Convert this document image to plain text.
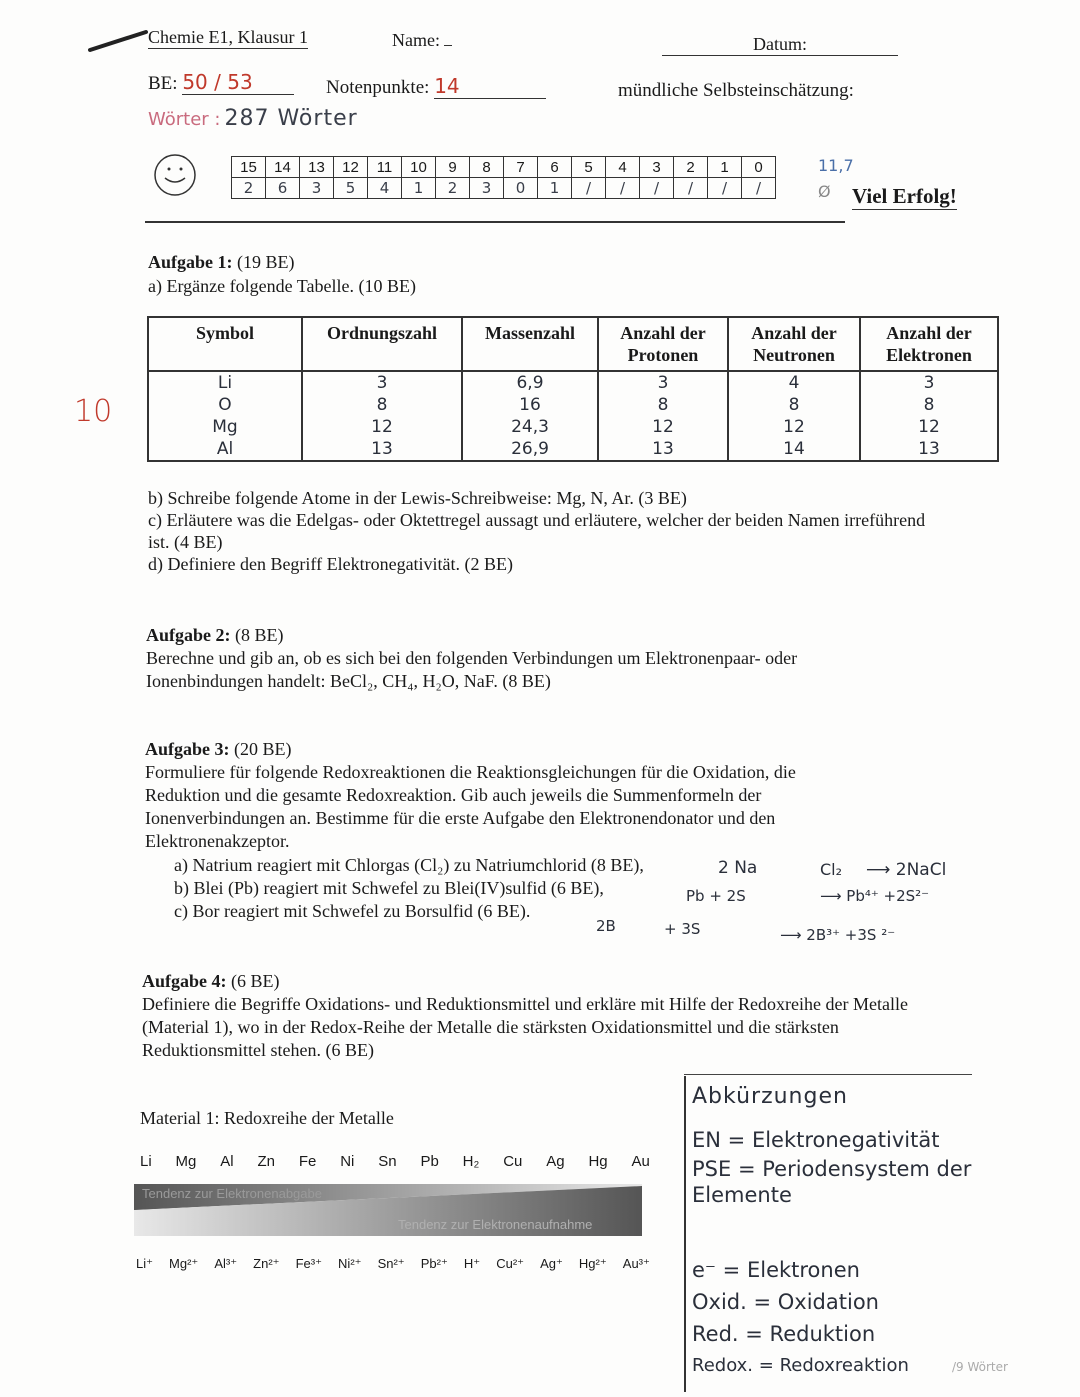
Chemie E1, Klausur 1	Name:	Datum:
BE: 50 / 53	Notenpunkte: 14	mündliche Selbsteinschätzung:
Wörter : 287 Wörter
15	14	13	12	11	10	9	8	7	6	5	4	3	2	1	0
2	6	3	5	4	1	2	3	0	1	/	/	/	/	/	/
11,7
Ø Viel Erfolg!

Aufgabe 1: (19 BE)

a) Ergänze folgende Tabelle. (10 BE)

10
Symbol	Ordnungszahl	Massenzahl	Anzahl der Protonen	Anzahl der Neutronen	Anzahl der Elektronen
Li	3	6,9	3	4	3
O	8	16	8	8	8
Mg	12	24,3	12	12	12
Al	13	26,9	13	14	13

b) Schreibe folgende Atome in der Lewis-Schreibweise: Mg, N, Ar. (3 BE)

c) Erläutere was die Edelgas- oder Oktettregel aussagt und erläutere, welcher der beiden Namen irreführend ist. (4 BE)

d) Definiere den Begriff Elektronegativität. (2 BE)

Aufgabe 2: (8 BE)

Berechne und gib an, ob es sich bei den folgenden Verbindungen um Elektronenpaar- oder Ionenbindungen handelt: BeCl₂, CH₄, H₂O, NaF. (8 BE)

Aufgabe 3: (20 BE)

Formuliere für folgende Redoxreaktionen die Reaktionsgleichungen für die Oxidation, die Reduktion und die gesamte Redoxreaktion. Gib auch jeweils die Summenformeln der Ionenverbindungen an. Bestimme für die erste Aufgabe den Elektronendonator und den Elektronenakzeptor.

a) Natrium reagiert mit Chlorgas (Cl₂) zu Natriumchlorid (8 BE),

b) Blei (Pb) reagiert mit Schwefel zu Blei(IV)sulfid (6 BE),

c) Bor reagiert mit Schwefel zu Borsulfid (6 BE).

2 Na	Cl₂ ⟶ 2NaCl
Pb + 2S	⟶ Pb⁴⁺ +2S²⁻
2B	+ 3S	⟶ 2B³⁺ +3S ²⁻

Aufgabe 4: (6 BE)

Definiere die Begriffe Oxidations- und Reduktionsmittel und erkläre mit Hilfe der Redoxreihe der Metalle (Material 1), wo in der Redox-Reihe der Metalle die stärksten Oxidationsmittel und die stärksten Reduktionsmittel stehen. (6 BE)

Material 1: Redoxreihe der Metalle
Li Mg Al Zn Fe Ni Sn Pb H₂ Cu Ag Hg Au
Tendenz zur Elektronenabgabe
Tendenz zur Elektronenaufnahme
Li⁺ Mg²⁺ Al³⁺ Zn²⁺ Fe³⁺ Ni²⁺ Sn²⁺ Pb²⁺ H⁺ Cu²⁺ Ag⁺ Hg²⁺ Au³⁺
Abkürzungen
EN = Elektronegativität
PSE = Periodensystem der Elemente
e⁻ = Elektronen
Oxid. = Oxidation
Red. = Reduktion
Redox. = Redoxreaktion	/9 Wörter
